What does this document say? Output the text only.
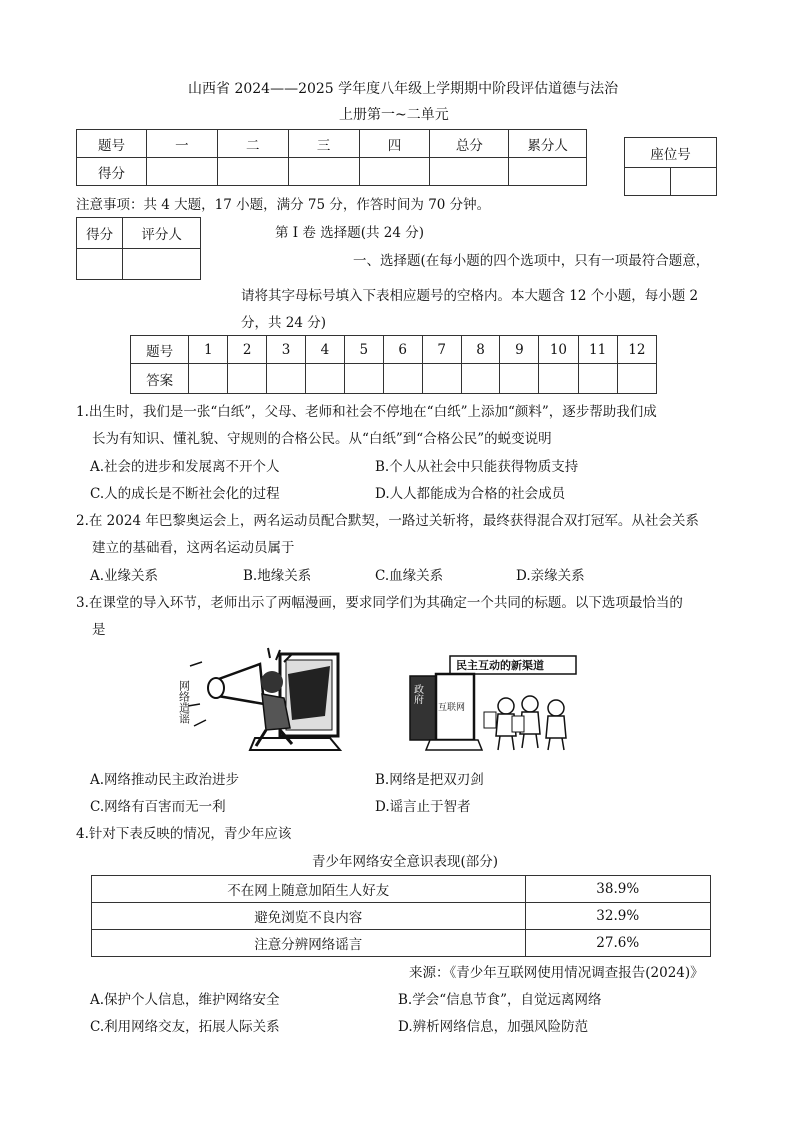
山西省 2024——2025 学年度八年级上学期期中阶段评估道德与法治
上册第一~二单元
题号	一	二	三	四	总分	累分人
得分						
座位号

注意事项：共 4 大题，17 小题，满分 75 分，作答时间为 70 分钟。
得分	评分人
		第 I 卷 选择题(共 24 分)
一、选择题(在每小题的四个选项中，只有一项最符合题意，
请将其字母标号填入下表相应题号的空格内。本大题含 12 个小题，每小题 2
分，共 24 分)
题号	1	2	3	4	5	6	7	8	9	10	11	12
答案												
1.出生时，我们是一张“白纸”，父母、老师和社会不停地在“白纸”上添加“颜料”，逐步帮助我们成
长为有知识、懂礼貌、守规则的合格公民。从“白纸”到“合格公民”的蜕变说明
A.社会的进步和发展离不开个人	B.个人从社会中只能获得物质支持
C.人的成长是不断社会化的过程	D.人人都能成为合格的社会成员
2.在 2024 年巴黎奥运会上，两名运动员配合默契，一路过关斩将，最终获得混合双打冠军。从社会关系
建立的基础看，这两名运动员属于
A.业缘关系	B.地缘关系	C.血缘关系	D.亲缘关系
3.在课堂的导入环节，老师出示了两幅漫画，要求同学们为其确定一个共同的标题。以下选项最恰当的
是
网络造谣
民主互动的新渠道
政府
互联网
A.网络推动民主政治进步	B.网络是把双刃剑
C.网络有百害而无一利	D.谣言止于智者
4.针对下表反映的情况，青少年应该
青少年网络安全意识表现(部分)
不在网上随意加陌生人好友	38.9%
避免浏览不良内容	32.9%
注意分辨网络谣言	27.6%
来源：《青少年互联网使用情况调查报告(2024)》
A.保护个人信息，维护网络安全	B.学会“信息节食”，自觉远离网络
C.利用网络交友，拓展人际关系	D.辨析网络信息，加强风险防范
